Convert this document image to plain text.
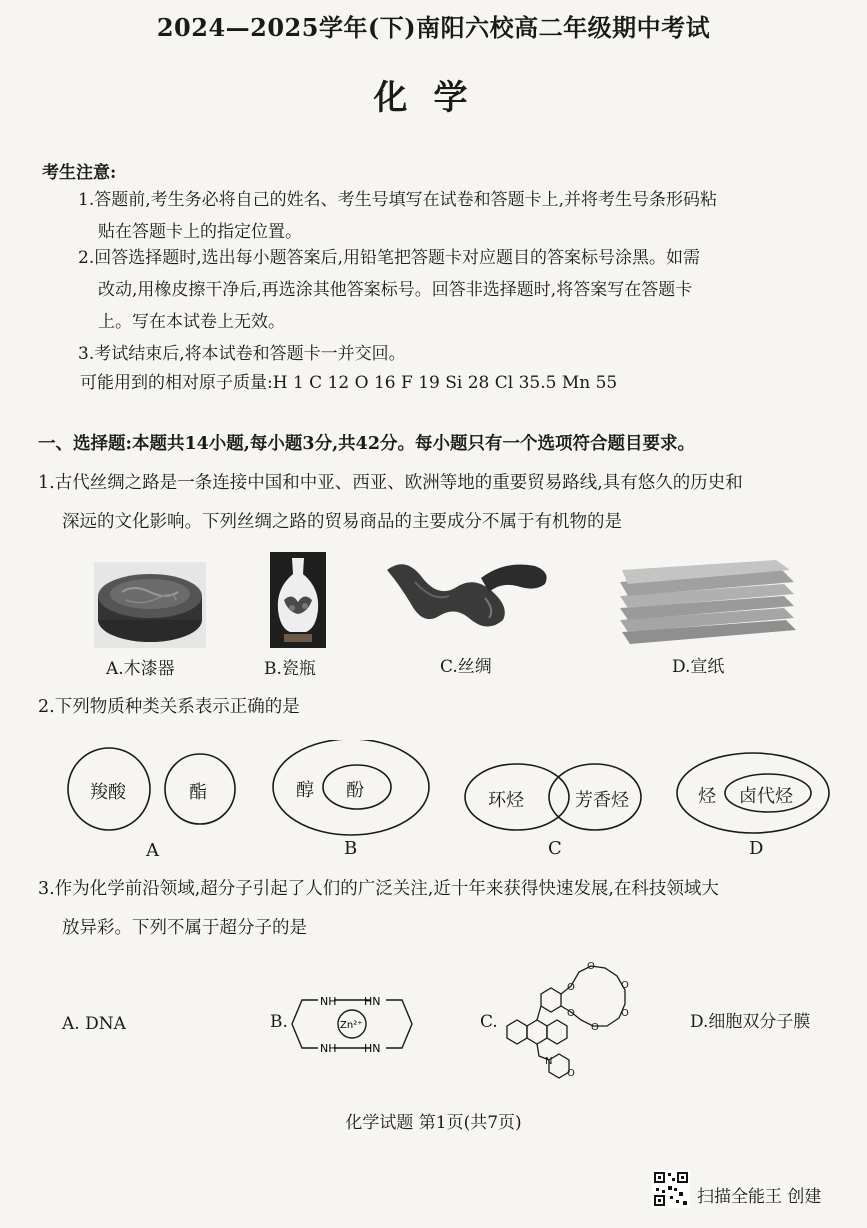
2024—2025学年(下)南阳六校高二年级期中考试
化学
考生注意:
1.答题前,考生务必将自己的姓名、考生号填写在试卷和答题卡上,并将考生号条形码粘
贴在答题卡上的指定位置。
2.回答选择题时,选出每小题答案后,用铅笔把答题卡对应题目的答案标号涂黑。如需
改动,用橡皮擦干净后,再选涂其他答案标号。回答非选择题时,将答案写在答题卡
上。写在本试卷上无效。
3.考试结束后,将本试卷和答题卡一并交回。
可能用到的相对原子质量:H 1 C 12 O 16 F 19 Si 28 Cl 35.5 Mn 55
一、选择题:本题共14小题,每小题3分,共42分。每小题只有一个选项符合题目要求。
1.古代丝绸之路是一条连接中国和中亚、西亚、欧洲等地的重要贸易路线,具有悠久的历史和
深远的文化影响。下列丝绸之路的贸易商品的主要成分不属于有机物的是
A.木漆器	B.瓷瓶	C.丝绸	D.宣纸
2.下列物质种类关系表示正确的是
羧酸	酯
A
醇 酚
B
环烃	芳香烃
C
烃 卤代烃
D
3.作为化学前沿领域,超分子引起了人们的广泛关注,近十年来获得快速发展,在科技领域大
放异彩。下列不属于超分子的是
A. DNA	B.	C.	D.细胞双分子膜
NH	HN
NH	HN
Zn²⁺
O
O
O
O
O
O
N
O
化学试题 第1页(共7页)
扫描全能王 创建
